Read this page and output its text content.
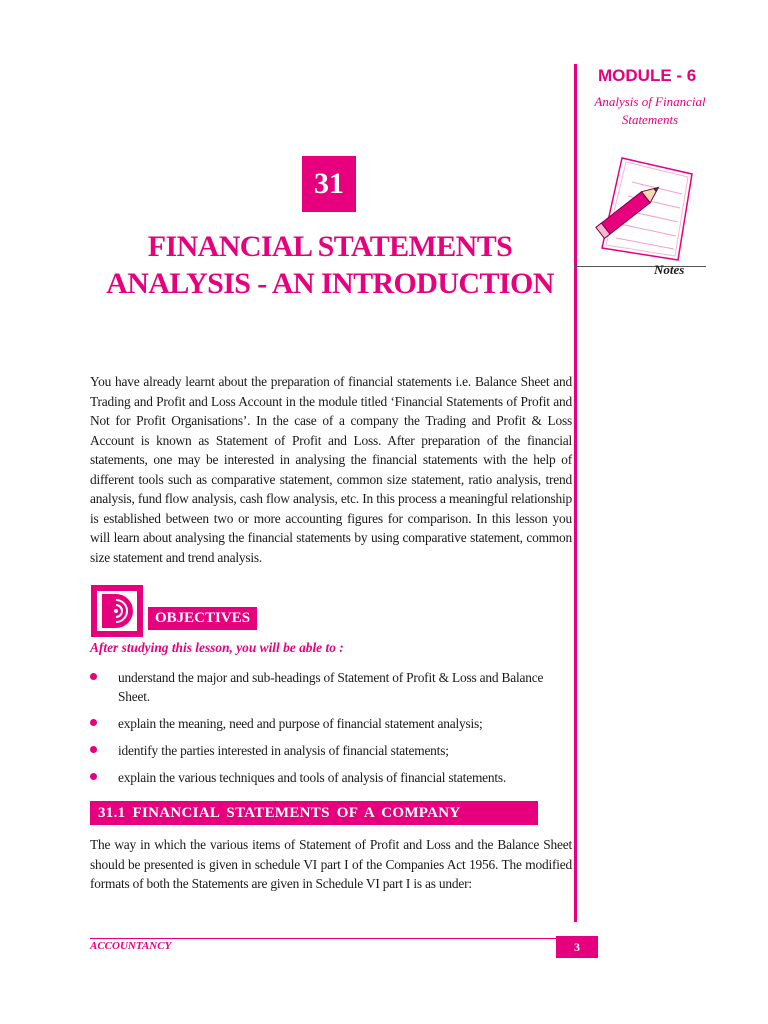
MODULE - 6
Analysis of Financial
Statements
Notes
31
FINANCIAL STATEMENTS
ANALYSIS - AN INTRODUCTION

You have already learnt about the preparation of financial statements i.e. Balance Sheet and Trading and Profit and Loss Account in the module titled ‘Financial Statements of Profit and Not for Profit Organisations’. In the case of a company the Trading and Profit & Loss Account is known as Statement of Profit and Loss. After preparation of the financial statements, one may be interested in analysing the financial statements with the help of different tools such as comparative statement, common size statement, ratio analysis, trend analysis, fund flow analysis, cash flow analysis, etc. In this process a meaningful relationship is established between two or more accounting figures for comparison. In this lesson you will learn about analysing the financial statements by using comparative statement, common size statement and trend analysis.

OBJECTIVES
After studying this lesson, you will be able to :
understand the major and sub-headings of Statement of Profit & Loss and Balance Sheet.
explain the meaning, need and purpose of financial statement analysis;
identify the parties interested in analysis of financial statements;
explain the various techniques and tools of analysis of financial statements.
31.1 FINANCIAL STATEMENTS OF A COMPANY

The way in which the various items of Statement of Profit and Loss and the Balance Sheet should be presented is given in schedule VI part I of the Companies Act 1956. The modified formats of both the Statements are given in Schedule VI part I is as under:

ACCOUNTANCY	3
